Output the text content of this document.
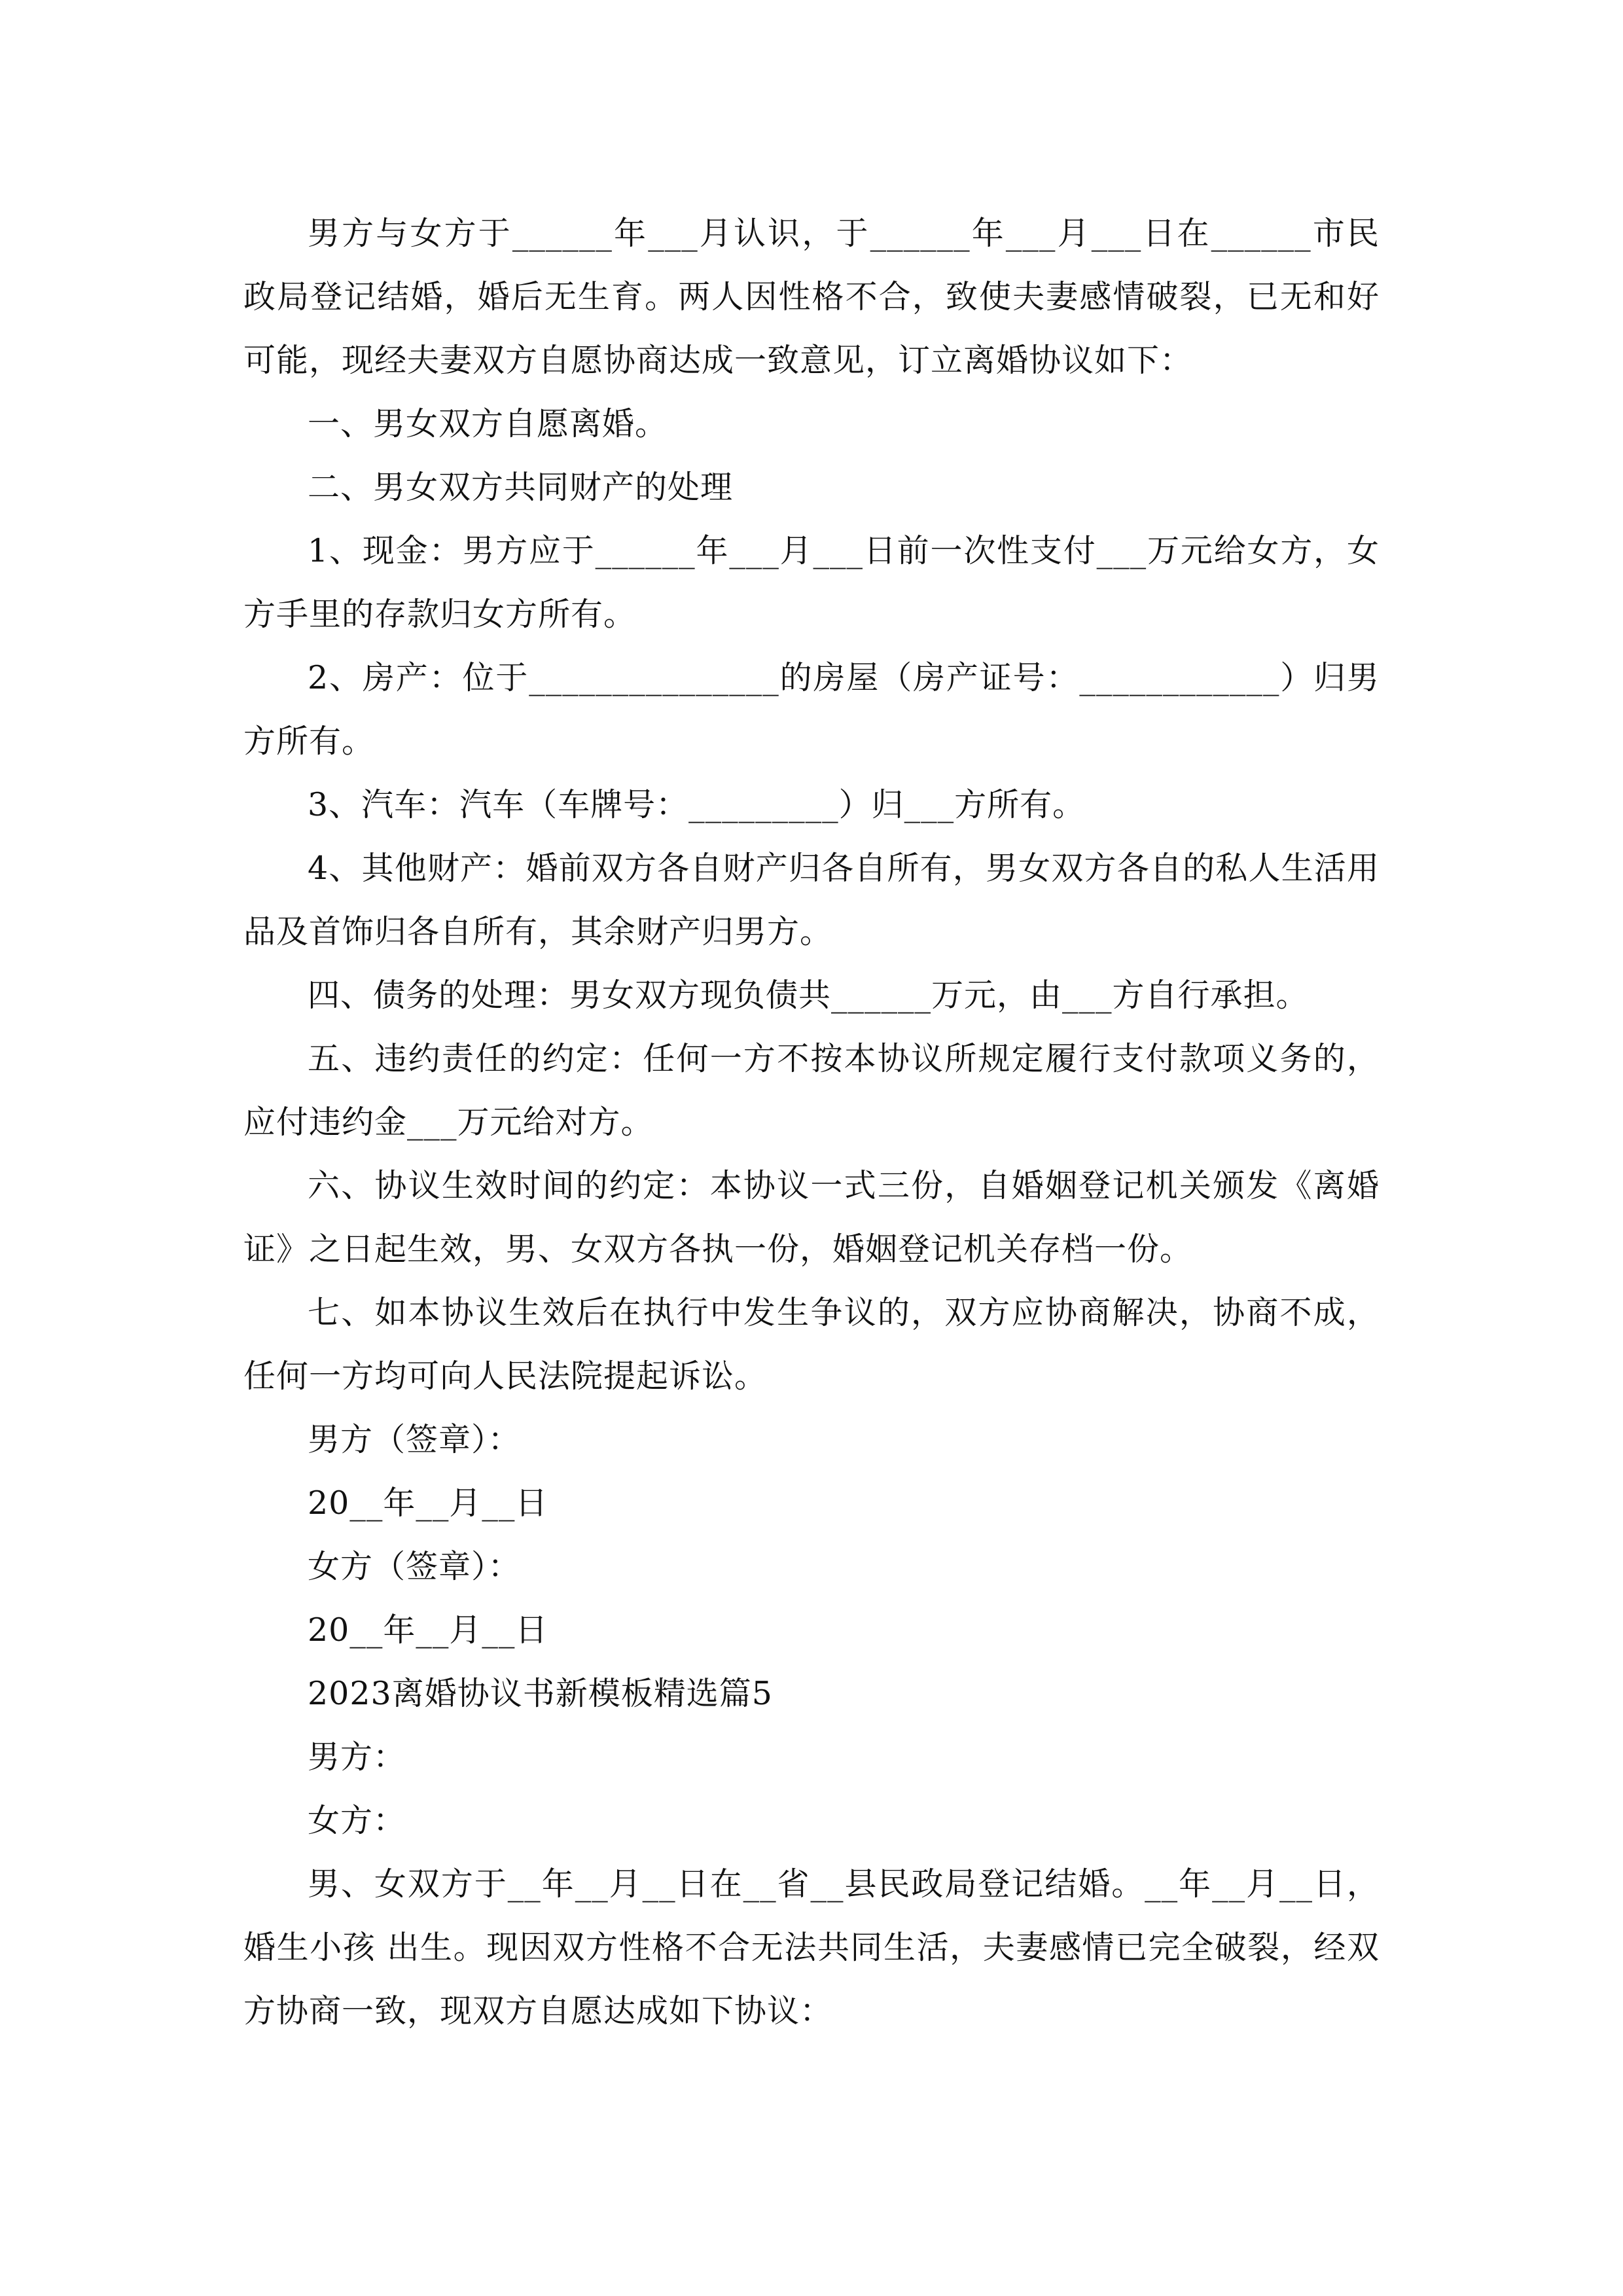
男方与女方于______年___月认识，于______年___月___日在______市民政局登记结婚，婚后无生育。两人因性格不合，致使夫妻感情破裂，已无和好可能，现经夫妻双方自愿协商达成一致意见，订立离婚协议如下：

一、男女双方自愿离婚。

二、男女双方共同财产的处理

1、现金：男方应于______年___月___日前一次性支付___万元给女方，女方手里的存款归女方所有。

2、房产：位于_______________的房屋（房产证号：____________）归男方所有。

3、汽车：汽车（车牌号：_________）归___方所有。

4、其他财产：婚前双方各自财产归各自所有，男女双方各自的私人生活用品及首饰归各自所有，其余财产归男方。

四、债务的处理：男女双方现负债共______万元，由___方自行承担。

五、违约责任的约定：任何一方不按本协议所规定履行支付款项义务的，应付违约金___万元给对方。

六、协议生效时间的约定：本协议一式三份，自婚姻登记机关颁发《离婚证》之日起生效，男、女双方各执一份，婚姻登记机关存档一份。

七、如本协议生效后在执行中发生争议的，双方应协商解决，协商不成，任何一方均可向人民法院提起诉讼。

男方（签章）：

20__年__月__日

女方（签章）：

20__年__月__日

2023离婚协议书新模板精选篇5

男方：

女方：

男、女双方于__年__月__日在__省__县民政局登记结婚。__年__月__日，婚生小孩 出生。现因双方性格不合无法共同生活，夫妻感情已完全破裂，经双方协商一致，现双方自愿达成如下协议：
